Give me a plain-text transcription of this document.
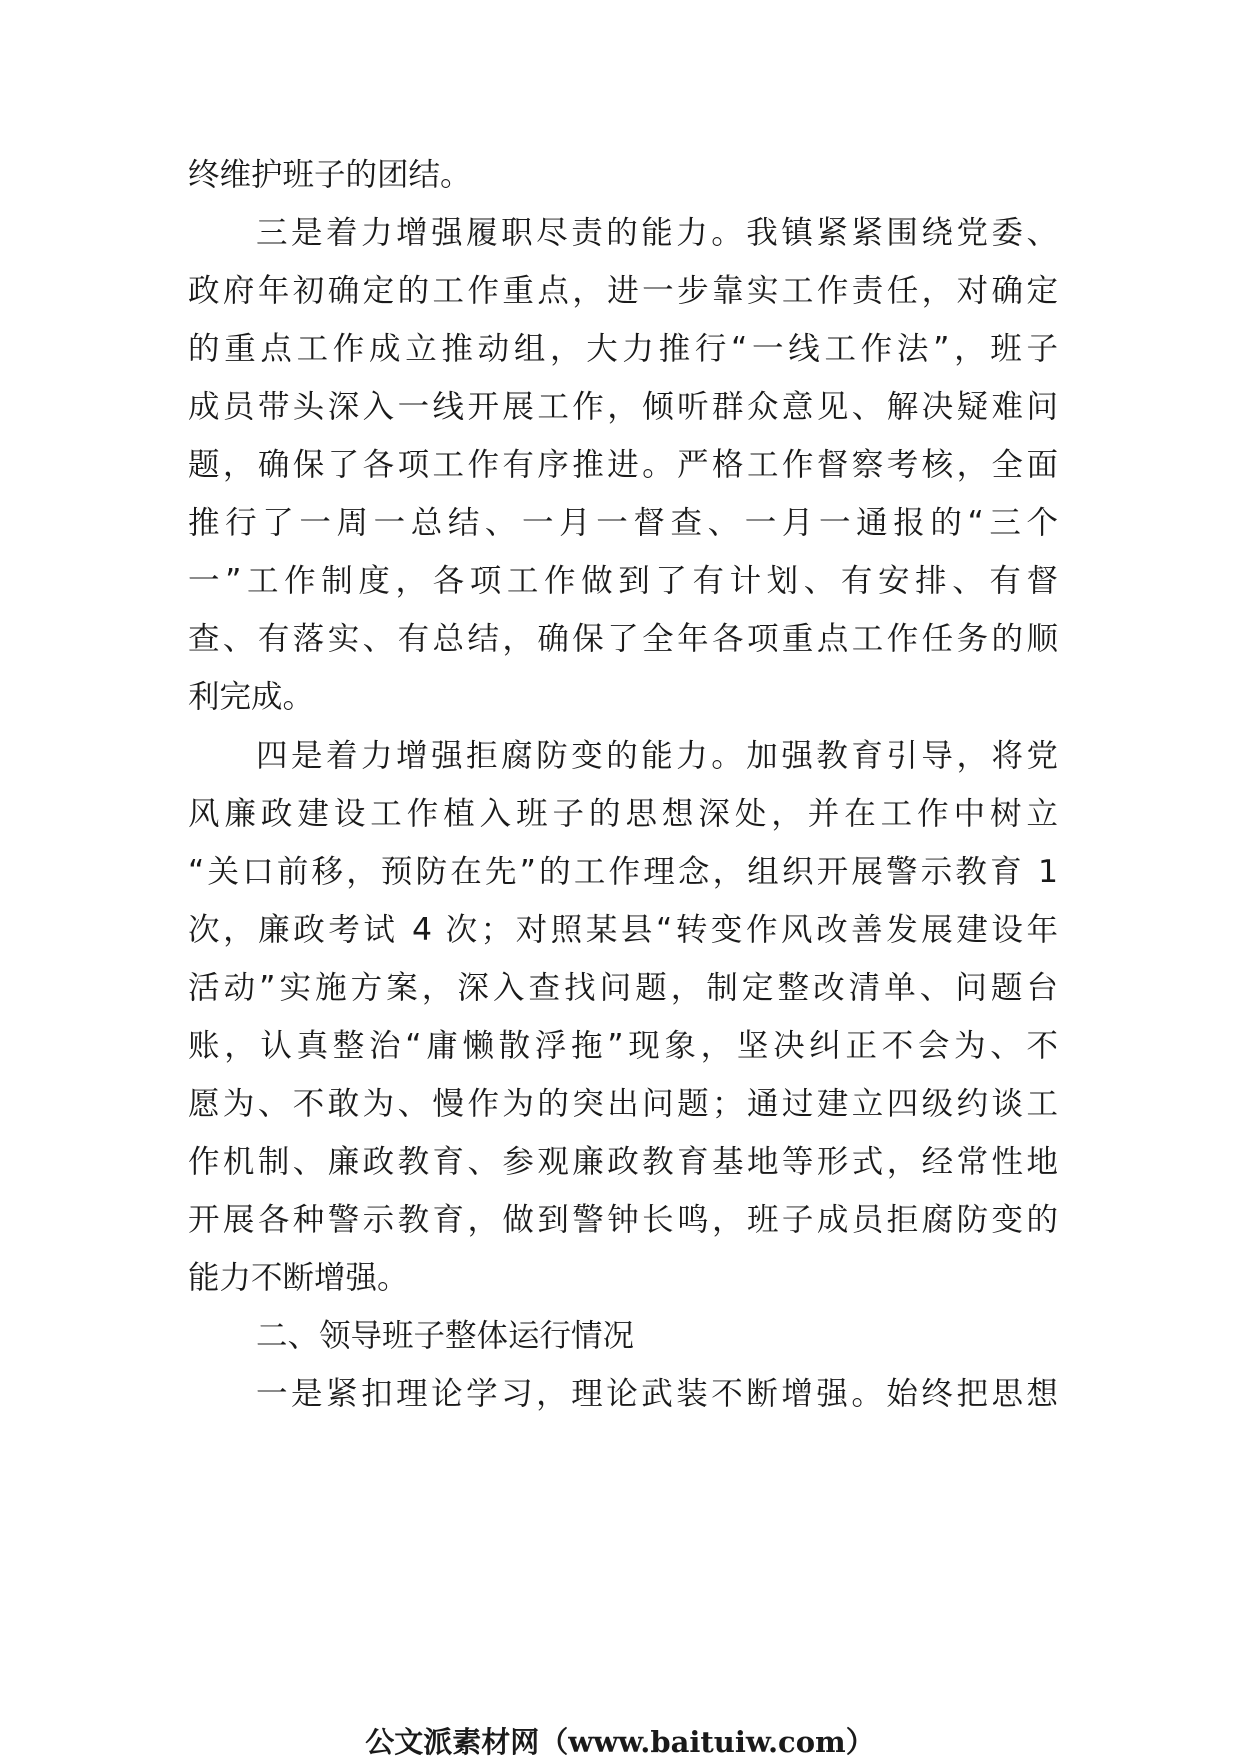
终维护班子的团结。
三是着力增强履职尽责的能力。我镇紧紧围绕党委、
政府年初确定的工作重点，进一步靠实工作责任，对确定
的重点工作成立推动组，大力推行“一线工作法”，班子
成员带头深入一线开展工作，倾听群众意见、解决疑难问
题，确保了各项工作有序推进。严格工作督察考核，全面
推行了一周一总结、一月一督查、一月一通报的“三个
一”工作制度，各项工作做到了有计划、有安排、有督
查、有落实、有总结，确保了全年各项重点工作任务的顺
利完成。
四是着力增强拒腐防变的能力。加强教育引导，将党
风廉政建设工作植入班子的思想深处，并在工作中树立
“关口前移，预防在先”的工作理念，组织开展警示教育 1
次，廉政考试 4 次；对照某县“转变作风改善发展建设年
活动”实施方案，深入查找问题，制定整改清单、问题台
账，认真整治“庸懒散浮拖”现象，坚决纠正不会为、不
愿为、不敢为、慢作为的突出问题；通过建立四级约谈工
作机制、廉政教育、参观廉政教育基地等形式，经常性地
开展各种警示教育，做到警钟长鸣，班子成员拒腐防变的
能力不断增强。
二、领导班子整体运行情况
一是紧扣理论学习，理论武装不断增强。始终把思想
公文派素材网（www.baituiw.com）
